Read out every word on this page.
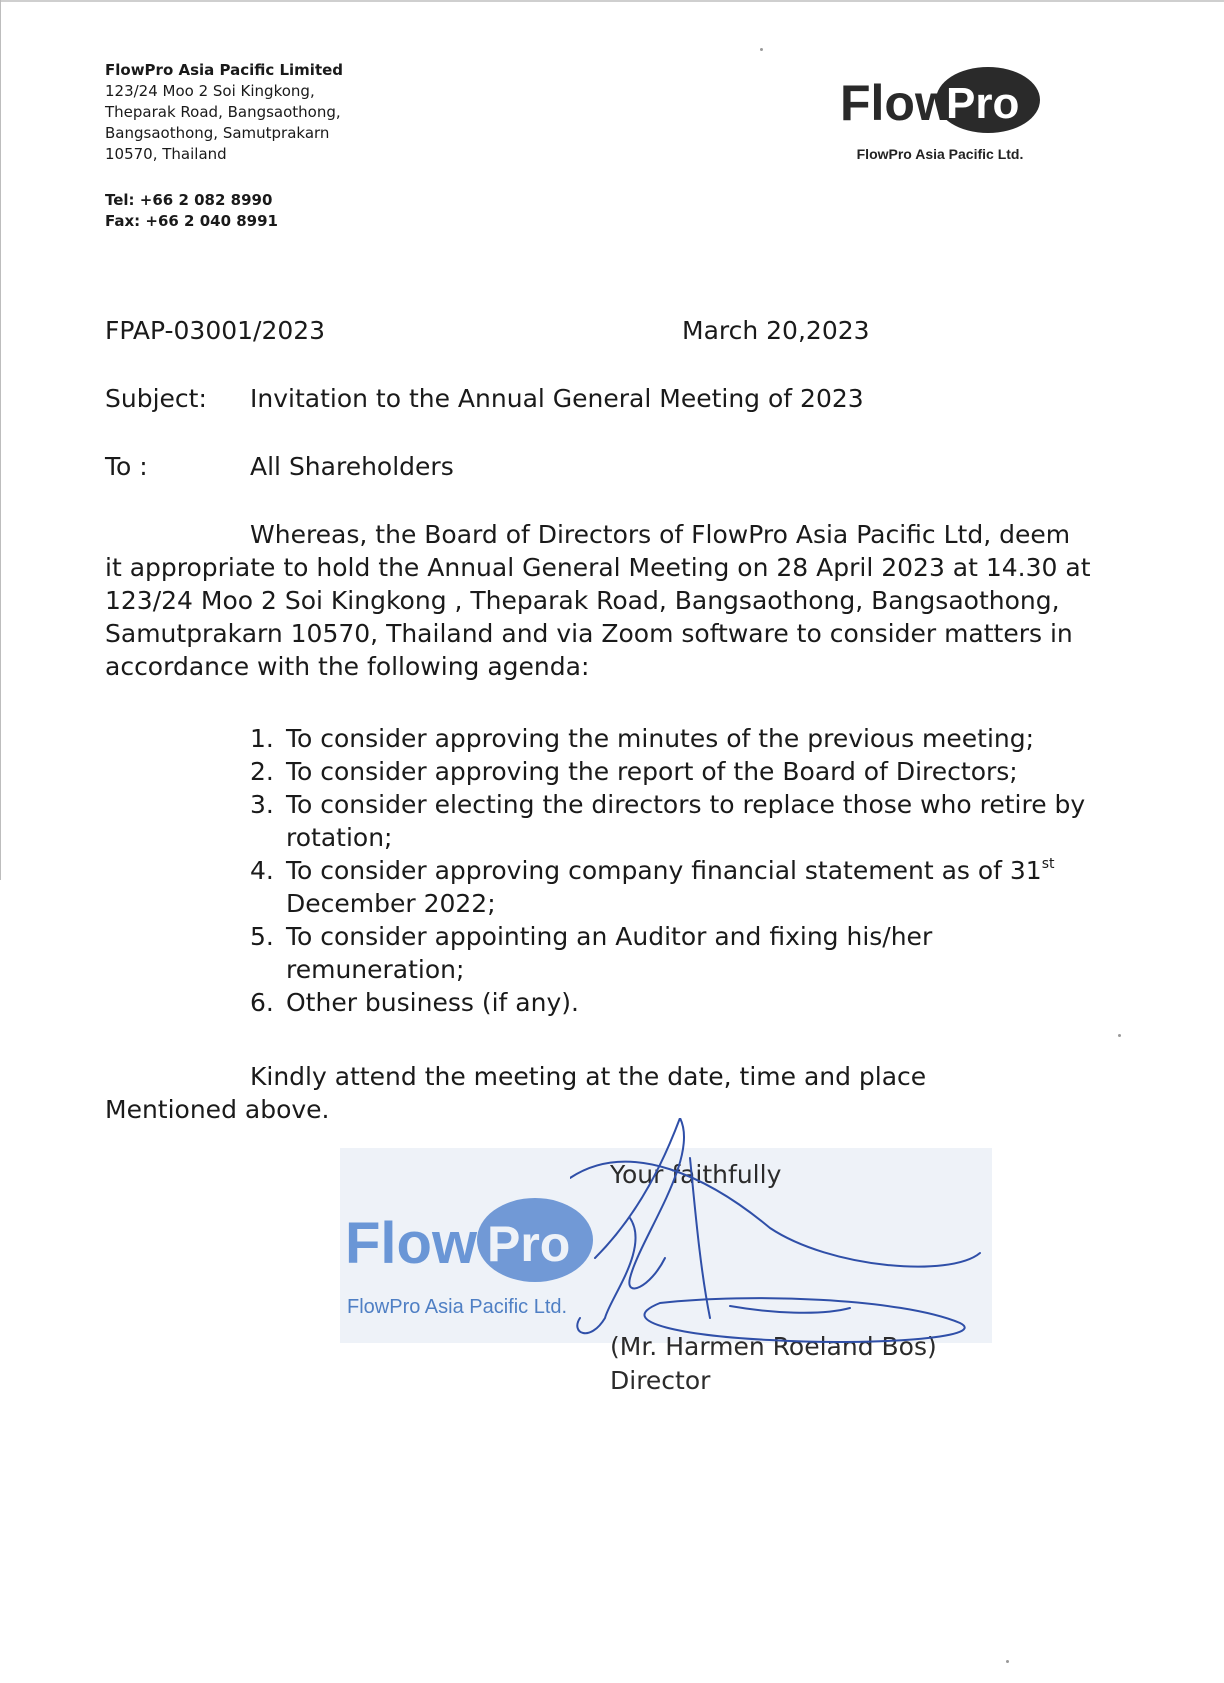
FlowPro Asia Pacific Limited
123/24 Moo 2 Soi Kingkong,
Theparak Road, Bangsaothong,
Bangsaothong, Samutprakarn
10570, Thailand
Tel: +66 2 082 8990
Fax: +66 2 040 8991
Flow
Pro
FlowPro Asia Pacific Ltd.
FPAP-03001/2023	March 20,2023
Subject: Invitation to the Annual General Meeting of 2023
To :	All Shareholders
Whereas, the Board of Directors of FlowPro Asia Pacific Ltd, deem
it appropriate to hold the Annual General Meeting on 28 April 2023 at 14.30 at
123/24 Moo 2 Soi Kingkong , Theparak Road, Bangsaothong, Bangsaothong,
Samutprakarn 10570, Thailand and via Zoom software to consider matters in
accordance with the following agenda:
1. To consider approving the minutes of the previous meeting;
2. To consider approving the report of the Board of Directors;
3. To consider electing the directors to replace those who retire by
rotation;
4. To consider approving company financial statement as of 31st
December 2022;
5. To consider appointing an Auditor and fixing his/her
remuneration;
6. Other business (if any).
Kindly attend the meeting at the date, time and place
Mentioned above.
Flow Pro
FlowPro Asia Pacific Ltd.
Your faithfully
(Mr. Harmen Roeland Bos)
Director
